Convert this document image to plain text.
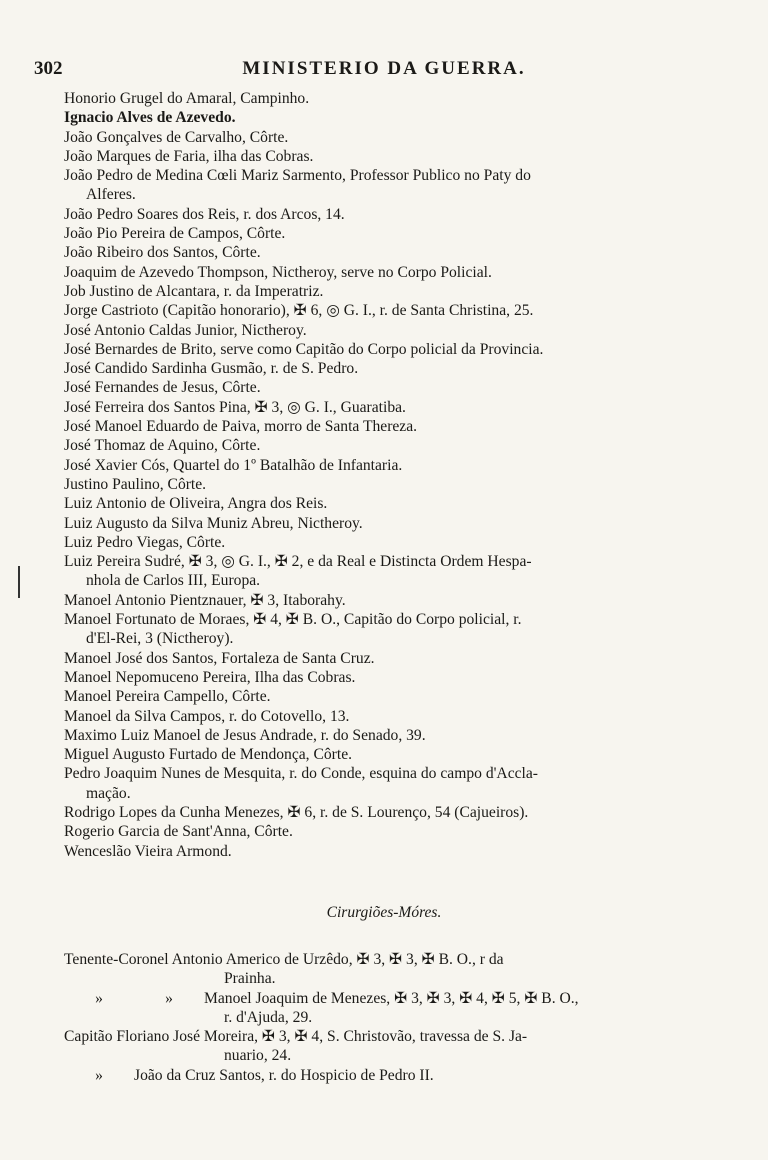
302	MINISTERIO DA GUERRA.

Honorio Grugel do Amaral, Campinho.

Ignacio Alves de Azevedo.

João Gonçalves de Carvalho, Côrte.

João Marques de Faria, ilha das Cobras.

João Pedro de Medina Cœli Mariz Sarmento, Professor Publico no Paty do

Alferes.

João Pedro Soares dos Reis, r. dos Arcos, 14.

João Pio Pereira de Campos, Côrte.

João Ribeiro dos Santos, Côrte.

Joaquim de Azevedo Thompson, Nictheroy, serve no Corpo Policial.

Job Justino de Alcantara, r. da Imperatriz.

Jorge Castrioto (Capitão honorario), ✠ 6, ◎ G. I., r. de Santa Christina, 25.

José Antonio Caldas Junior, Nictheroy.

José Bernardes de Brito, serve como Capitão do Corpo policial da Provincia.

José Candido Sardinha Gusmão, r. de S. Pedro.

José Fernandes de Jesus, Côrte.

José Ferreira dos Santos Pina, ✠ 3, ◎ G. I., Guaratiba.

José Manoel Eduardo de Paiva, morro de Santa Thereza.

José Thomaz de Aquino, Côrte.

José Xavier Cós, Quartel do 1º Batalhão de Infantaria.

Justino Paulino, Côrte.

Luiz Antonio de Oliveira, Angra dos Reis.

Luiz Augusto da Silva Muniz Abreu, Nictheroy.

Luiz Pedro Viegas, Côrte.

Luiz Pereira Sudré, ✠ 3, ◎ G. I., ✠ 2, e da Real e Distincta Ordem Hespa-

nhola de Carlos III, Europa.

Manoel Antonio Pientznauer, ✠ 3, Itaborahy.

Manoel Fortunato de Moraes, ✠ 4, ✠ B. O., Capitão do Corpo policial, r.

d'El-Rei, 3 (Nictheroy).

Manoel José dos Santos, Fortaleza de Santa Cruz.

Manoel Nepomuceno Pereira, Ilha das Cobras.

Manoel Pereira Campello, Côrte.

Manoel da Silva Campos, r. do Cotovello, 13.

Maximo Luiz Manoel de Jesus Andrade, r. do Senado, 39.

Miguel Augusto Furtado de Mendonça, Côrte.

Pedro Joaquim Nunes de Mesquita, r. do Conde, esquina do campo d'Accla-

mação.

Rodrigo Lopes da Cunha Menezes, ✠ 6, r. de S. Lourenço, 54 (Cajueiros).

Rogerio Garcia de Sant'Anna, Côrte.

Wenceslão Vieira Armond.

Cirurgiões-Móres.

Tenente-Coronel Antonio Americo de Urzêdo, ✠ 3, ✠ 3, ✠ B. O., r da

Prainha.

»	» Manoel Joaquim de Menezes, ✠ 3, ✠ 3, ✠ 4, ✠ 5, ✠ B. O.,

r. d'Ajuda, 29.

Capitão Floriano José Moreira, ✠ 3, ✠ 4, S. Christovão, travessa de S. Ja-

nuario, 24.

» João da Cruz Santos, r. do Hospicio de Pedro II.
